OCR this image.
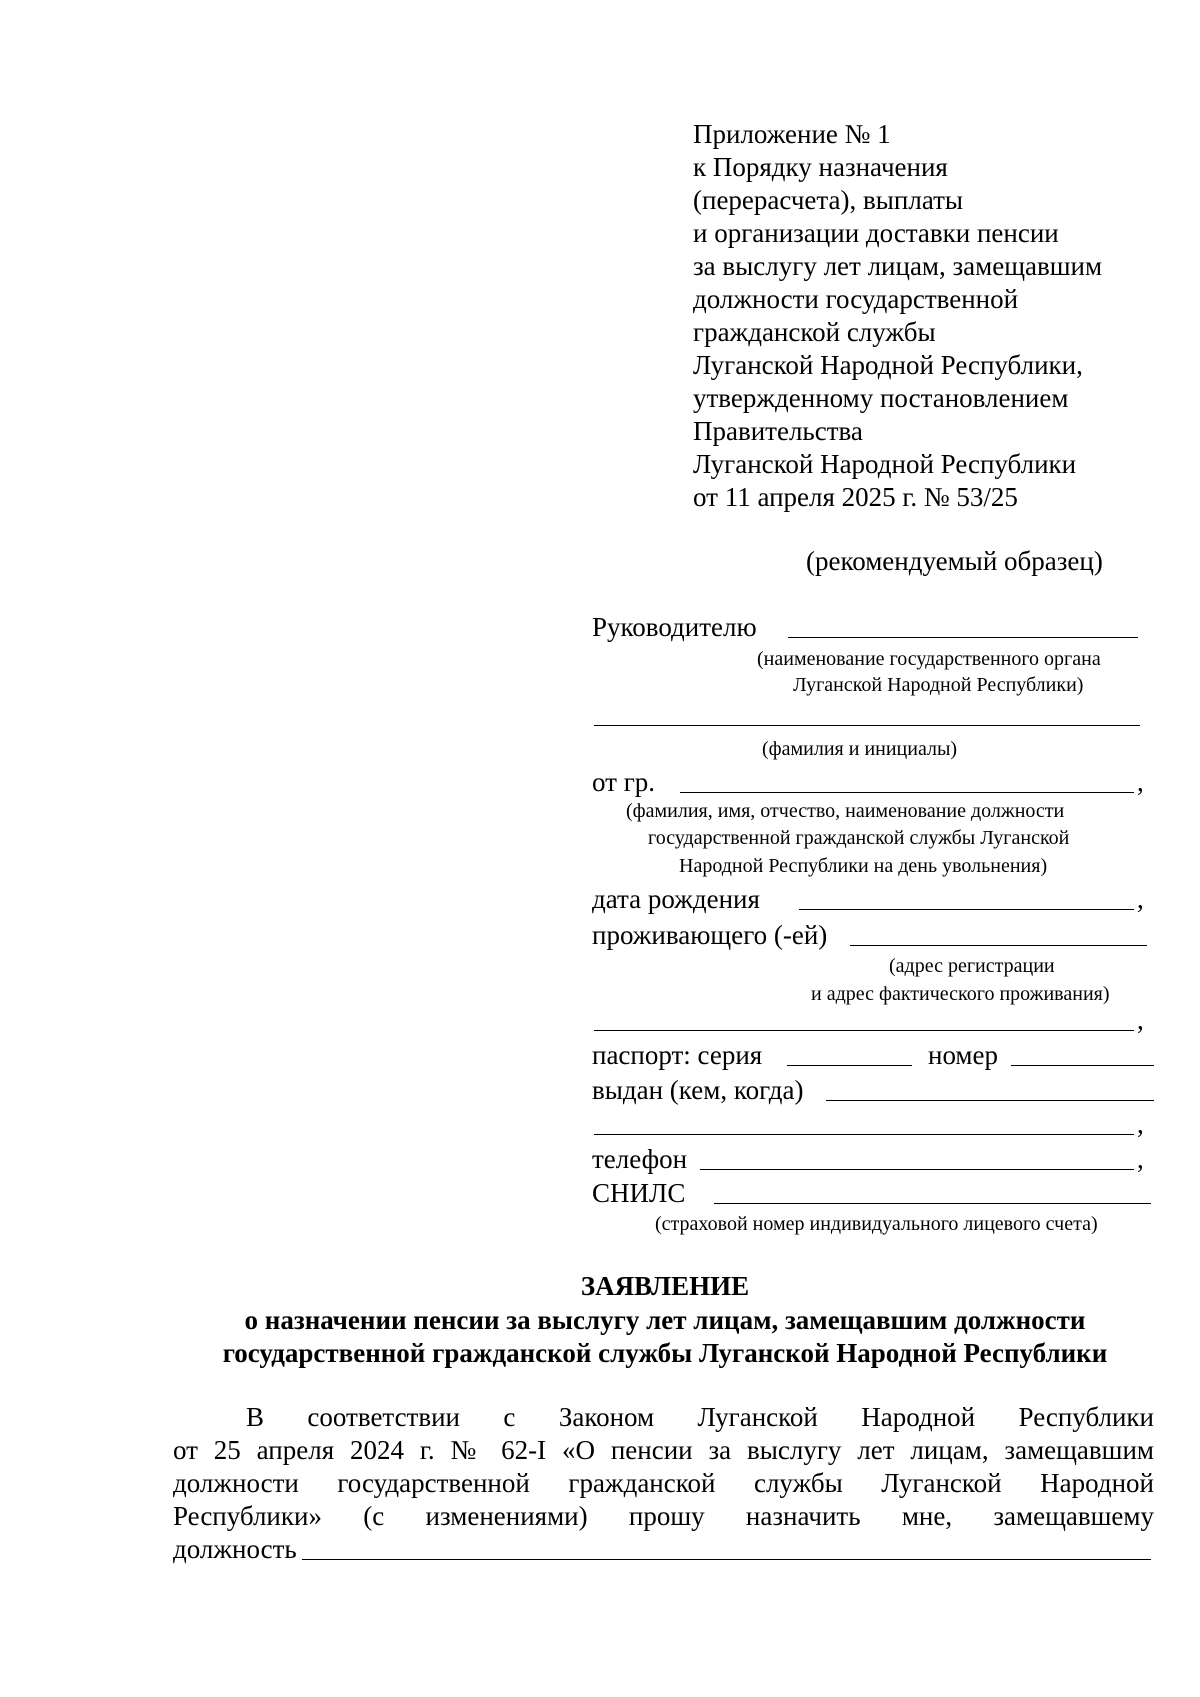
Приложение № 1
к Порядку назначения
(перерасчета), выплаты
и организации доставки пенсии
за выслугу лет лицам, замещавшим
должности государственной
гражданской службы
Луганской Народной Республики,
утвержденному постановлением
Правительства
Луганской Народной Республики
от 11 апреля 2025 г. № 53/25
(рекомендуемый образец)
Руководителю
(наименование государственного органа
Луганской Народной Республики)
(фамилия и инициалы)
от гр.	,
(фамилия, имя, отчество, наименование должности
государственной гражданской службы Луганской
Народной Республики на день увольнения)
дата рождения	,
проживающего (-ей)
(адрес регистрации
и адрес фактического проживания)
,
паспорт: серия	номер
выдан (кем, когда)
,
телефон	,
СНИЛС
(страховой номер индивидуального лицевого счета)
ЗАЯВЛЕНИЕ
о назначении пенсии за выслугу лет лицам, замещавшим должности
государственной гражданской службы Луганской Народной Республики
В соответствии с Законом Луганской Народной Республики
от 25 апреля 2024 г. № 62-I «О пенсии за выслугу лет лицам, замещавшим
должности государственной гражданской службы Луганской Народной
Республики» (с изменениями) прошу назначить мне, замещавшему
должность
